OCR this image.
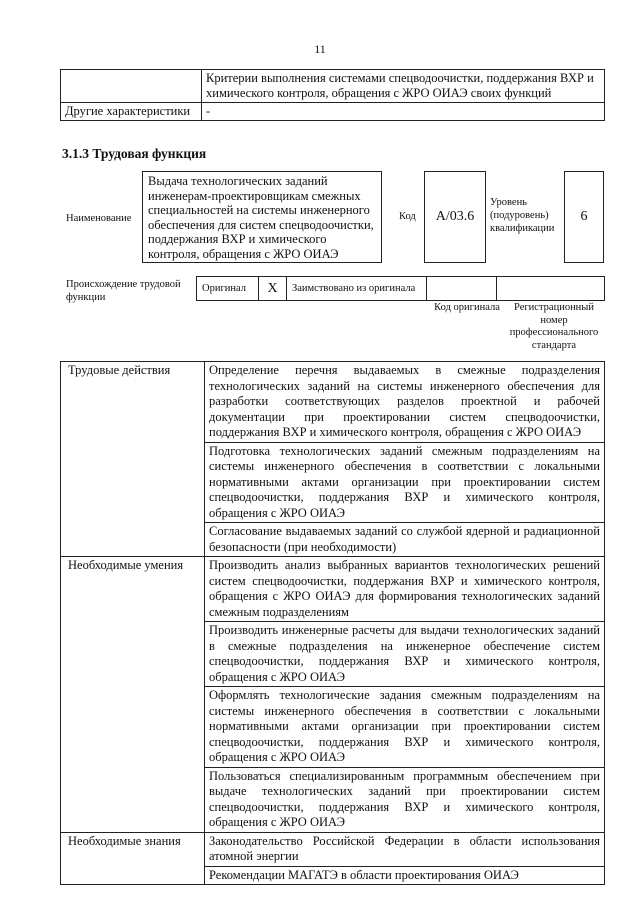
11
	Критерии выполнения системами спецводоочистки, поддержания ВХР и химического контроля, обращения с ЖРО ОИАЭ своих функций
Другие характеристики	-
3.1.3 Трудовая функция
Наименование
Выдача технологических заданий инженерам-проектировщикам смежных специальностей на системы инженерного обеспечения для систем спецводоочистки, поддержания ВХР и химического контроля, обращения с ЖРО ОИАЭ
Код	А/03.6
Уровень (подуровень) квалификации
6
Происхождение трудовой функции
Оригинал	X	Заимствовано из оригинала
Код оригинала	Регистрационный номер профессионального стандарта
Трудовые действия	Определение перечня выдаваемых в смежные подразделения технологических заданий на системы инженерного обеспечения для разработки соответствующих разделов проектной и рабочей документации при проектировании систем спецводоочистки, поддержания ВХР и химического контроля, обращения с ЖРО ОИАЭ
	Подготовка технологических заданий смежным подразделениям на системы инженерного обеспечения в соответствии с локальными нормативными актами организации при проектировании систем спецводоочистки, поддержания ВХР и химического контроля, обращения с ЖРО ОИАЭ
	Согласование выдаваемых заданий со службой ядерной и радиационной безопасности (при необходимости)
Необходимые умения	Производить анализ выбранных вариантов технологических решений систем спецводоочистки, поддержания ВХР и химического контроля, обращения с ЖРО ОИАЭ для формирования технологических заданий смежным подразделениям
	Производить инженерные расчеты для выдачи технологических заданий в смежные подразделения на инженерное обеспечение систем спецводоочистки, поддержания ВХР и химического контроля, обращения с ЖРО ОИАЭ
	Оформлять технологические задания смежным подразделениям на системы инженерного обеспечения в соответствии с локальными нормативными актами организации при проектировании систем спецводоочистки, поддержания ВХР и химического контроля, обращения с ЖРО ОИАЭ
	Пользоваться специализированным программным обеспечением при выдаче технологических заданий при проектировании систем спецводоочистки, поддержания ВХР и химического контроля, обращения с ЖРО ОИАЭ
Необходимые знания	Законодательство Российской Федерации в области использования атомной энергии
	Рекомендации МАГАТЭ в области проектирования ОИАЭ
